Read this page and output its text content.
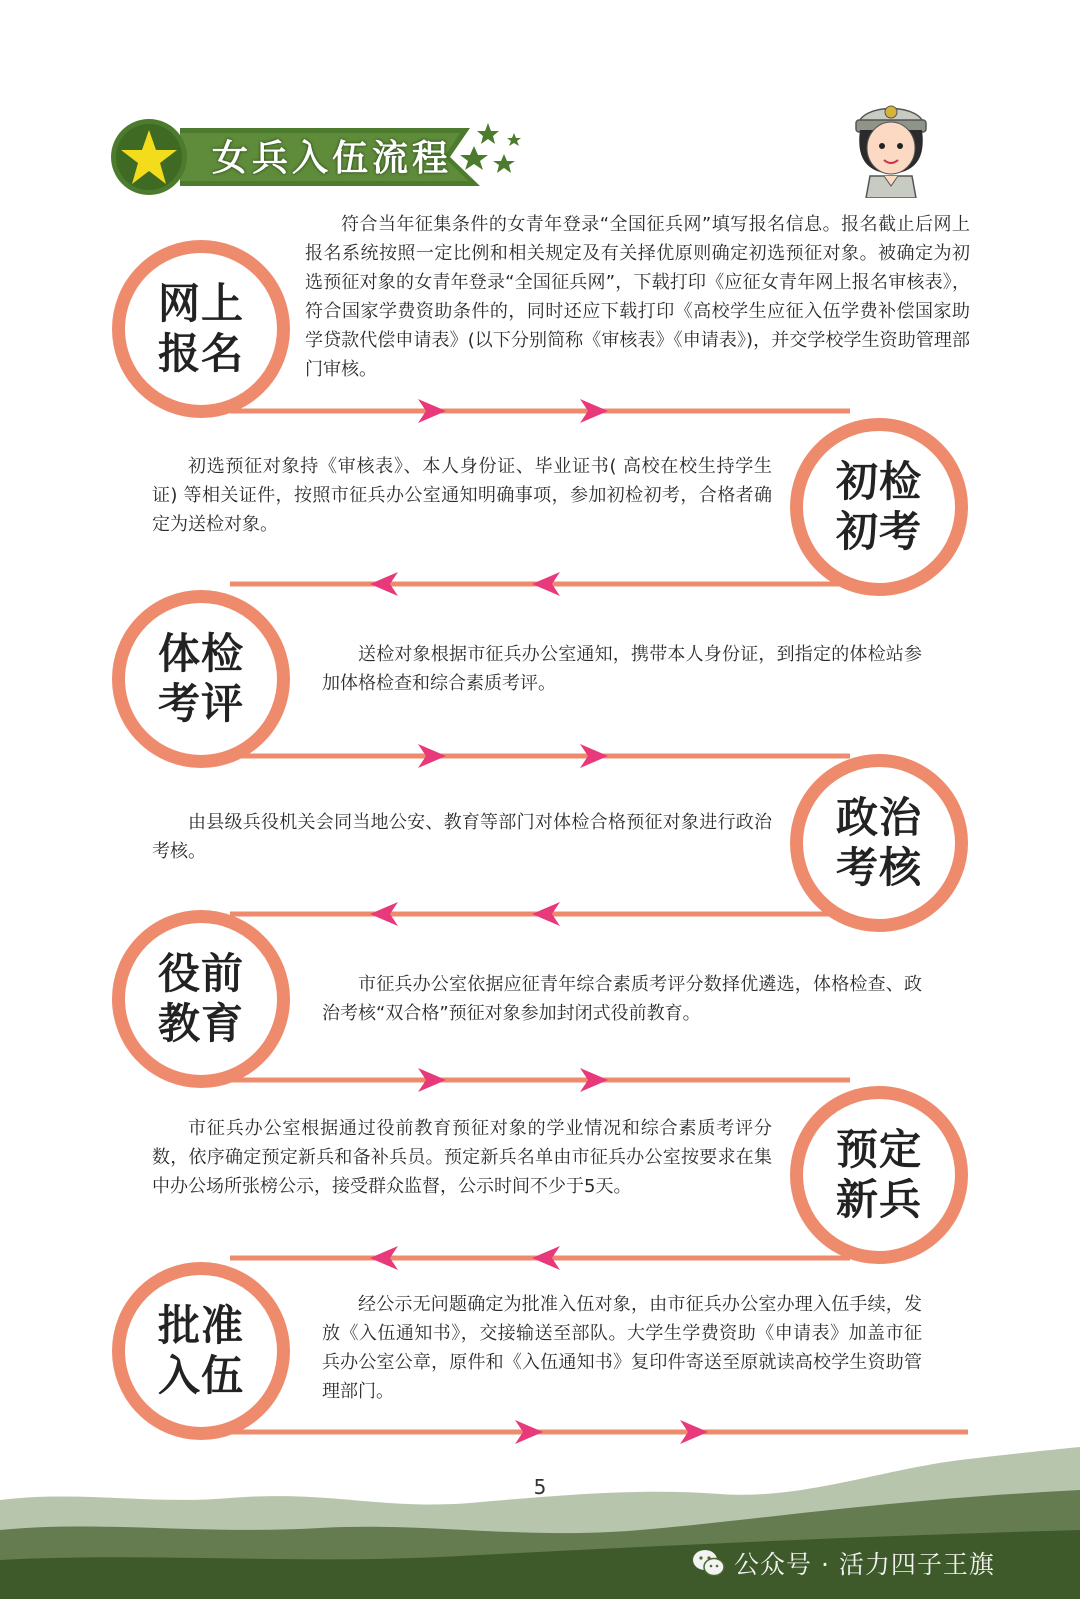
女兵入伍流程
网上
报名
符合当年征集条件的女青年登录“全国征兵网”填写报名信息。报名截止后网上报名系统按照一定比例和相关规定及有关择优原则确定初选预征对象。被确定为初选预征对象的女青年登录“全国征兵网”，下载打印《应征女青年网上报名审核表》，符合国家学费资助条件的，同时还应下载打印《高校学生应征入伍学费补偿国家助学贷款代偿申请表》(以下分别简称《审核表》《申请表》)，并交学校学生资助管理部门审核。
初检
初考
初选预征对象持《审核表》、本人身份证、毕业证书( 高校在校生持学生证) 等相关证件，按照市征兵办公室通知明确事项，参加初检初考，合格者确定为送检对象。
体检
考评
送检对象根据市征兵办公室通知，携带本人身份证，到指定的体检站参加体格检查和综合素质考评。
政治
考核
由县级兵役机关会同当地公安、教育等部门对体检合格预征对象进行政治考核。
役前
教育
市征兵办公室依据应征青年综合素质考评分数择优遴选，体格检查、政治考核“双合格”预征对象参加封闭式役前教育。
预定
新兵
市征兵办公室根据通过役前教育预征对象的学业情况和综合素质考评分数，依序确定预定新兵和备补兵员。预定新兵名单由市征兵办公室按要求在集中办公场所张榜公示，接受群众监督，公示时间不少于5天。
批准
入伍
经公示无问题确定为批准入伍对象，由市征兵办公室办理入伍手续，发放《入伍通知书》，交接输送至部队。大学生学费资助《申请表》加盖市征兵办公室公章，原件和《入伍通知书》复印件寄送至原就读高校学生资助管理部门。
5
公众号 · 活力四子王旗
